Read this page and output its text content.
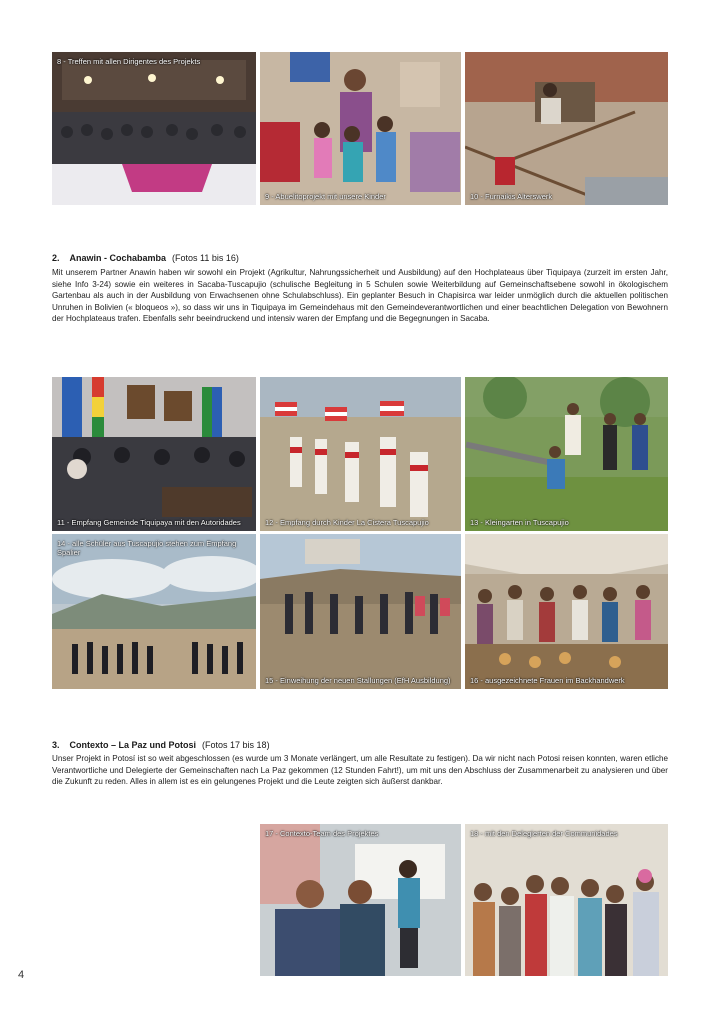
8 - Treffen mit allen Dirigentes des Projekts
9 - Abuelitoprojekt mit unsere Kinder	10 - Furnaikis Alterswerk
2. Anawin - Cochabamba (Fotos 11 bis 16)
Mit unserem Partner Anawin haben wir sowohl ein Projekt (Agrikultur, Nahrungssicherheit und Ausbildung) auf den Hochplateaus über Tiquipaya (zurzeit im ersten Jahr, siehe Info 3-24) sowie ein weiteres in Sacaba-Tuscapujio (schulische Begleitung in 5 Schulen sowie Weiterbildung auf Gemeinschaftsebene sowohl in ökologischem Gartenbau als auch in der Ausbildung von Erwachsenen ohne Schulabschluss). Ein geplanter Besuch in Chapisirca war leider unmöglich durch die aktuellen politischen Unruhen in Bolivien (« bloqueos »), so dass wir uns in Tiquipaya im Gemeindehaus mit den Gemeindeverantwortlichen und einer beachtlichen Delegation von Bewohnern der Hochplateaus trafen. Ebenfalls sehr beeindruckend und intensiv waren der Empfang und die Begegnungen in Sacaba.
11 - Empfang Gemeinde Tiquipaya mit den Autoridades	12 - Empfang durch Kinder La Cistera Tuscapujio	13 - Kleingarten in Tuscapujio
14 - alle Schüler aus Tuscapujio stehen zum Empfang Spalier
15 - Einweihung der neuen Stallungen (EfH Ausbildung)	16 - ausgezeichnete Frauen im Backhandwerk
3. Contexto – La Paz und Potosi (Fotos 17 bis 18)
Unser Projekt in Potosí ist so weit abgeschlossen (es wurde um 3 Monate verlängert, um alle Resultate zu festigen). Da wir nicht nach Potosi reisen konnten, waren etliche Verantwortliche und Delegierte der Gemeinschaften nach La Paz gekommen (12 Stunden Fahrt!), um mit uns den Abschluss der Zusammenarbeit zu analysieren und über die Zukunft zu reden. Alles in allem ist es ein gelungenes Projekt und die Leute zeigten sich äußerst dankbar.
17 - Contexto-Team des Projektes	18 - mit den Delegierten der Communidades
4
